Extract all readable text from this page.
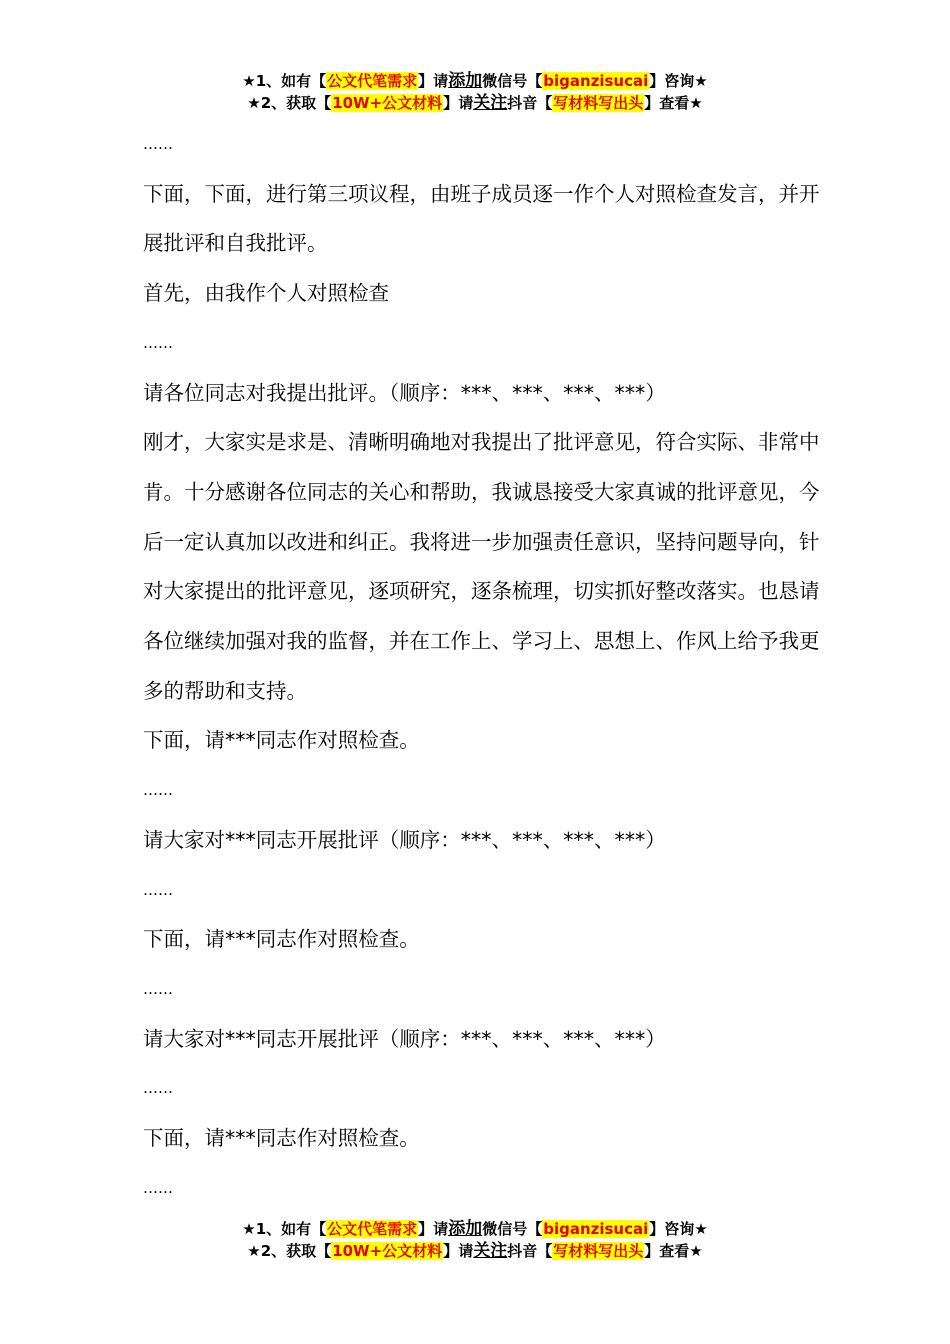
★1、如有【公文代笔需求】请添加微信号【biganzisucai】咨询★
★2、获取【10W+公文材料】请关注抖音【写材料写出头】查看★

……

下面，下面，进行第三项议程，由班子成员逐一作个人对照检查发言，并开展批评和自我批评。

首先，由我作个人对照检查

……

请各位同志对我提出批评。（顺序：***、***、***、***）

刚才，大家实是求是、清晰明确地对我提出了批评意见，符合实际、非常中肯。十分感谢各位同志的关心和帮助，我诚恳接受大家真诚的批评意见，今后一定认真加以改进和纠正。我将进一步加强责任意识，坚持问题导向，针对大家提出的批评意见，逐项研究，逐条梳理，切实抓好整改落实。也恳请各位继续加强对我的监督，并在工作上、学习上、思想上、作风上给予我更多的帮助和支持。

下面，请***同志作对照检查。

……

请大家对***同志开展批评（顺序：***、***、***、***）

……

下面，请***同志作对照检查。

……

请大家对***同志开展批评（顺序：***、***、***、***）

……

下面，请***同志作对照检查。

……

★1、如有【公文代笔需求】请添加微信号【biganzisucai】咨询★
★2、获取【10W+公文材料】请关注抖音【写材料写出头】查看★
